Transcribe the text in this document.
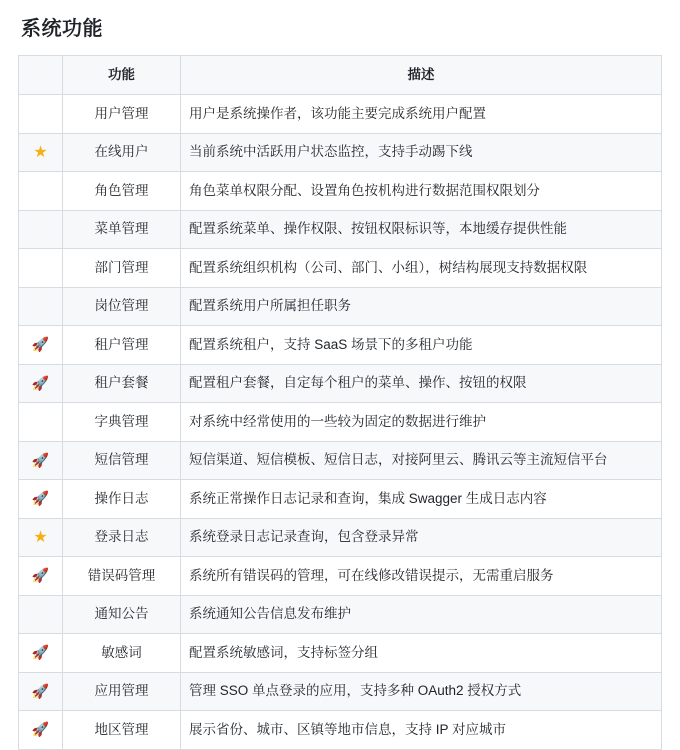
系统功能
	功能	描述
	用户管理	用户是系统操作者，该功能主要完成系统用户配置
★	在线用户	当前系统中活跃用户状态监控，支持手动踢下线
	角色管理	角色菜单权限分配、设置角色按机构进行数据范围权限划分
	菜单管理	配置系统菜单、操作权限、按钮权限标识等，本地缓存提供性能
	部门管理	配置系统组织机构（公司、部门、小组），树结构展现支持数据权限
	岗位管理	配置系统用户所属担任职务
🚀	租户管理	配置系统租户，支持 SaaS 场景下的多租户功能
🚀	租户套餐	配置租户套餐，自定每个租户的菜单、操作、按钮的权限
	字典管理	对系统中经常使用的一些较为固定的数据进行维护
🚀	短信管理	短信渠道、短信模板、短信日志，对接阿里云、腾讯云等主流短信平台
🚀	操作日志	系统正常操作日志记录和查询，集成 Swagger 生成日志内容
★	登录日志	系统登录日志记录查询，包含登录异常
🚀	错误码管理	系统所有错误码的管理，可在线修改错误提示，无需重启服务
	通知公告	系统通知公告信息发布维护
🚀	敏感词	配置系统敏感词，支持标签分组
🚀	应用管理	管理 SSO 单点登录的应用，支持多种 OAuth2 授权方式
🚀	地区管理	展示省份、城市、区镇等地市信息，支持 IP 对应城市
